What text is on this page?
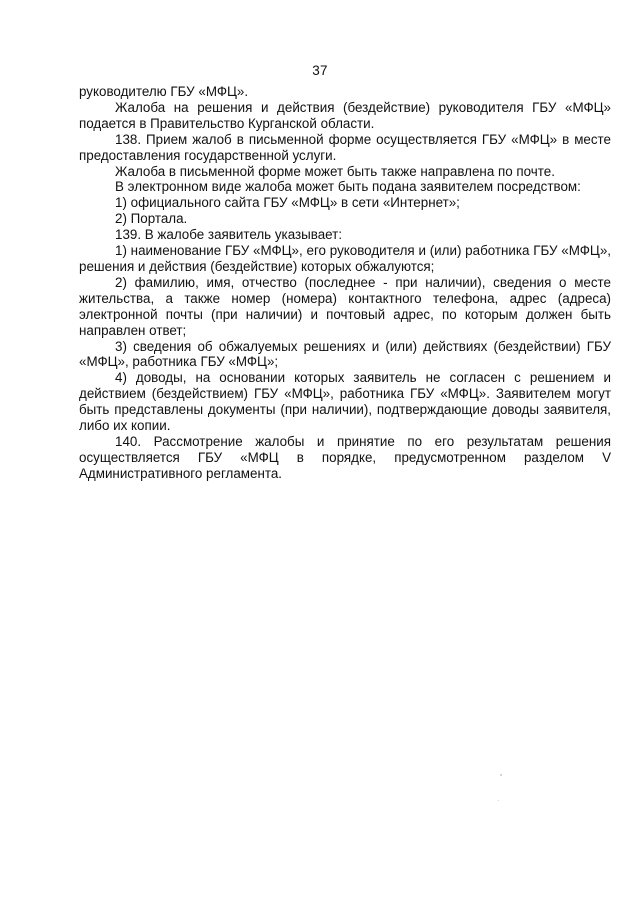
37

руководителю ГБУ «МФЦ».

Жалоба на решения и действия (бездействие) руководителя ГБУ «МФЦ» подается в Правительство Курганской области.

138. Прием жалоб в письменной форме осуществляется ГБУ «МФЦ» в месте предоставления государственной услуги.

Жалоба в письменной форме может быть также направлена по почте.

В электронном виде жалоба может быть подана заявителем посредством:

1) официального сайта ГБУ «МФЦ» в сети «Интернет»;

2) Портала.

139. В жалобе заявитель указывает:

1) наименование ГБУ «МФЦ», его руководителя и (или) работника ГБУ «МФЦ», решения и действия (бездействие) которых обжалуются;

2) фамилию, имя, отчество (последнее - при наличии), сведения о месте жительства, а также номер (номера) контактного телефона, адрес (адреса) электронной почты (при наличии) и почтовый адрес, по которым должен быть направлен ответ;

3) сведения об обжалуемых решениях и (или) действиях (бездействии) ГБУ «МФЦ», работника ГБУ «МФЦ»;

4) доводы, на основании которых заявитель не согласен с решением и действием (бездействием) ГБУ «МФЦ», работника ГБУ «МФЦ». Заявителем могут быть представлены документы (при наличии), подтверждающие доводы заявителя, либо их копии.

140. Рассмотрение жалобы и принятие по его результатам решения осуществляется ГБУ «МФЦ в порядке, предусмотренном разделом V Административного регламента.
